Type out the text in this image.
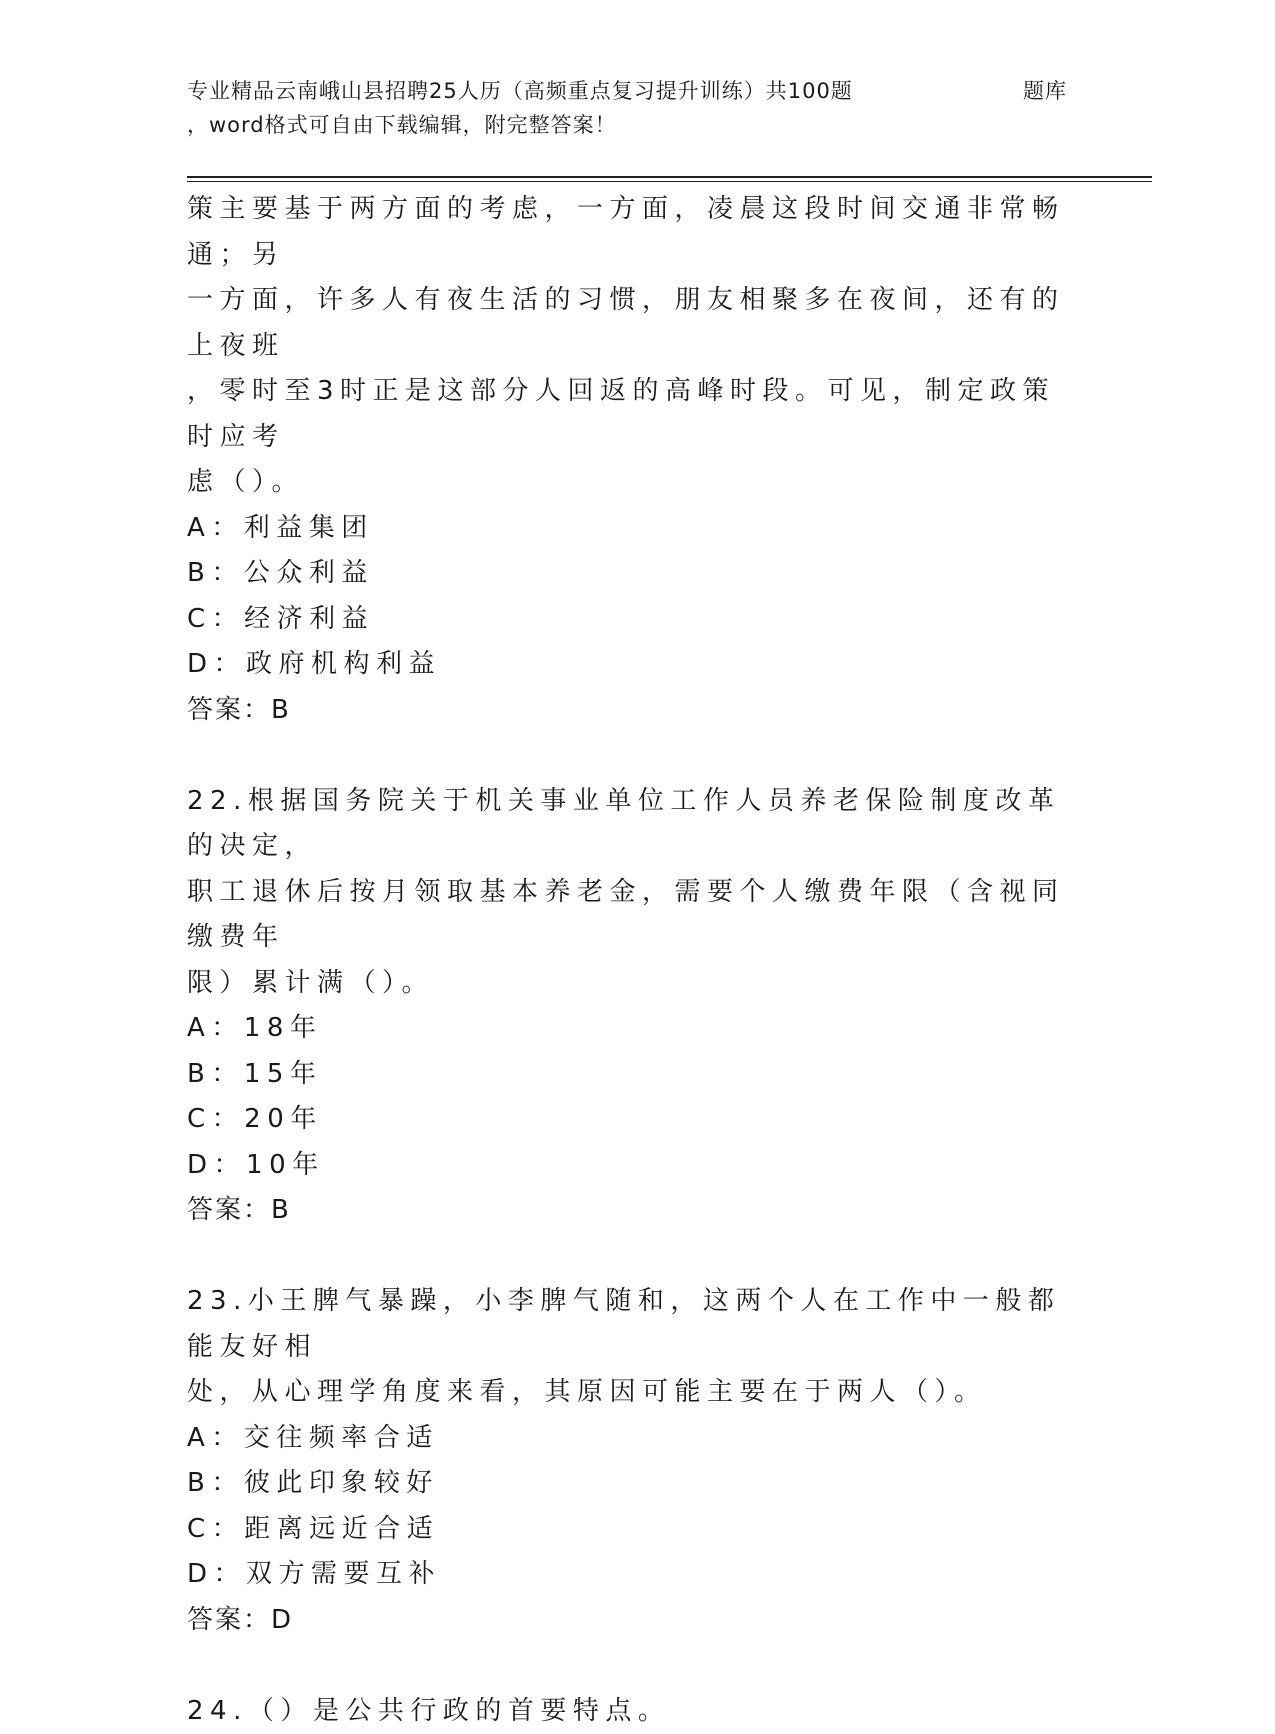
专业精品云南峨山县招聘25人历（高频重点复习提升训练）共100题	题库
，word格式可自由下载编辑，附完整答案！

策主要基于两方面的考虑，一方面，凌晨这段时间交通非常畅通；另

一方面，许多人有夜生活的习惯，朋友相聚多在夜间，还有的上夜班

，零时至3时正是这部分人回返的高峰时段。可见，制定政策时应考

虑（）。

A：利益集团

B：公众利益

C：经济利益

D：政府机构利益

答案：B

22.根据国务院关于机关事业单位工作人员养老保险制度改革的决定，

职工退休后按月领取基本养老金，需要个人缴费年限（含视同缴费年

限）累计满（）。

A：18年

B：15年

C：20年

D：10年

答案：B

23.小王脾气暴躁，小李脾气随和，这两个人在工作中一般都能友好相

处，从心理学角度来看，其原因可能主要在于两人（）。

A：交往频率合适

B：彼此印象较好

C：距离远近合适

D：双方需要互补

答案：D

24.（）是公共行政的首要特点。
